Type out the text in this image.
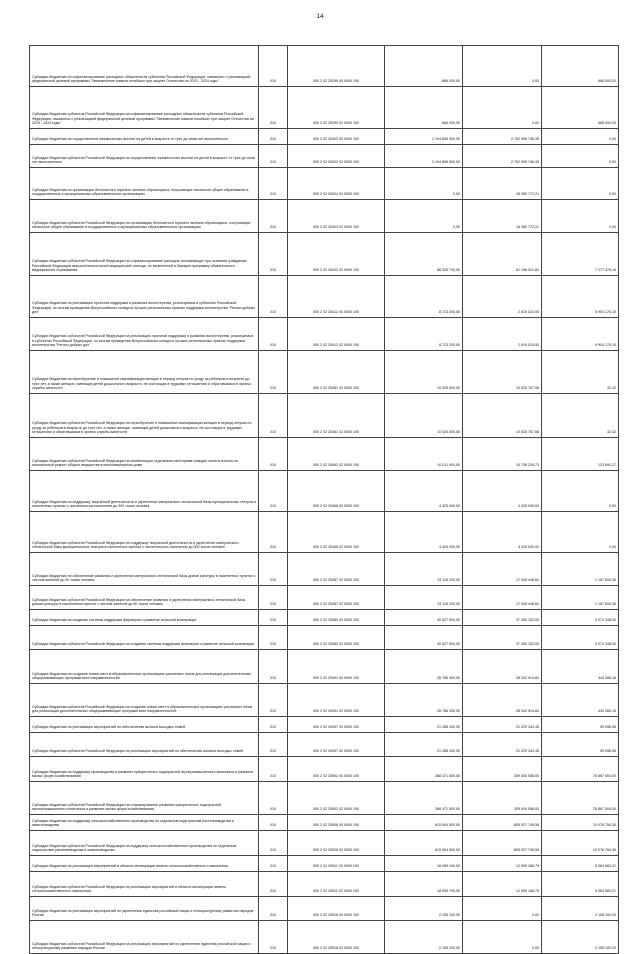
14
Субсидии бюджетам на софинансирование расходных обязательств субъектов Российской Федерации, связанных с реализацией федеральной целевой программы "Увековечение памяти погибших при защите Отечества на 2019 - 2024 годы"	010	000 2 02 25299 00 0000 150	666 000,00	0,00	666 000,00
Субсидии бюджетам субъектов Российской Федерации на софинансирование расходных обязательств субъектов Российской Федерации, связанных с реализацией федеральной целевой программы "Увековечение памяти погибших при защите Отечества на 2019 - 2024 годы"	010	000 2 02 25299 02 0000 150	666 000,00	0,00	666 000,00
Субсидии бюджетам на осуществление ежемесячных выплат на детей в возрасте от трех до семи лет включительно	010	000 2 02 25302 00 0000 150	2 194 656 500,00	2 762 998 746,35	0,00
Субсидии бюджетам субъектов Российской Федерации на осуществление ежемесячных выплат на детей в возрасте от трех до семи лет включительно	010	000 2 02 25302 02 0000 150	2 194 656 500,00	2 762 998 746,35	0,00
Субсидии бюджетам на организацию бесплатного горячего питания обучающихся, получающих начальное общее образование в государственных и муниципальных образовательных организациях	010	000 2 02 25304 00 0000 150	0,00	15 389 772,21	0,00
Субсидии бюджетам субъектов Российской Федерации на организацию бесплатного горячего питания обучающихся, получающих начальное общее образование в государственных и муниципальных образовательных организациях	010	000 2 02 25304 02 0000 150	0,00	15 389 772,21	0,00
Субсидии бюджетам субъектов Российской Федерации на софинансирование расходов, возникающих при оказании гражданам Российской Федерации высокотехнологичной медицинской помощи, не включенной в базовую программу обязательного медицинского страхования	010	000 2 02 25402 02 0000 150	88 335 700,00	81 158 021,84	7 177 478,16
Субсидии бюджетам на реализацию проектов поддержки и развития волонтерства, реализуемых в субъектах Российской Федерации, по итогам проведения Всероссийского конкурса лучших региональных практик поддержки волонтерства "Регион добрых дел"	010	000 2 02 25412 00 0000 150	8 723 200,00	2 819 024,90	5 904 175,10
Субсидии бюджетам субъектов Российской Федерации на реализацию проектов поддержки и развития волонтерства, реализуемых в субъектах Российской Федерации, по итогам проведения Всероссийского конкурса лучших региональных практик поддержки волонтерства "Регион добрых дел"	010	000 2 02 25412 02 0000 150	8 723 200,00	2 819 024,90	5 904 175,10
Субсидии бюджетам на переобучение и повышение квалификации женщин в период отпуска по уходу за ребенком в возрасте до трех лет, а также женщин, имеющих детей дошкольного возраста, не состоящих в трудовых отношениях и обратившихся в органы службы занятости	010	000 2 02 25461 00 0000 150	10 025 600,00	10 025 767,58	32,42
Субсидии бюджетам субъектов Российской Федерации на переобучение и повышение квалификации женщин в период отпуска по уходу за ребенком в возрасте до трех лет, а также женщин, имеющих детей дошкольного возраста, не состоящих в трудовых отношениях и обратившихся в органы службы занятости	010	000 2 02 25461 02 0000 150	10 025 600,00	10 025 767,58	32,42
Субсидии бюджетам субъектов Российской Федерации на компенсацию отдельным категориям граждан оплаты взноса на капитальный ремонт общего имущества в многоквартирном доме	010	000 2 02 25462 02 0000 150	10 011 900,00	10 738 209,73	123 690,27
Субсидии бюджетам на поддержку творческой деятельности и укрепление материально-технической базы муниципальных театров в населенных пунктах с численностью населения до 300 тысяч человек	010	000 2 02 25466 00 0000 150	4 425 000,00	4 425 000,00	0,00
Субсидии бюджетам субъектов Российской Федерации на поддержку творческой деятельности и укрепление материально-технической базы муниципальных театров в населенных пунктах с численностью населения до 300 тысяч человек	010	000 2 02 25466 02 0000 150	4 425 000,00	4 425 000,00	0,00
Субсидии бюджетам на обеспечение развития и укрепления материально-технической базы домов культуры в населенных пунктах с числом жителей до 50 тысяч человек	010	000 2 02 25467 00 0000 150	19 116 100,00	17 928 446,64	1 187 653,36
Субсидии бюджетам субъектов Российской Федерации на обеспечение развития и укрепления материально-технической базы домов культуры в населенных пунктах с числом жителей до 50 тысяч человек	010	000 2 02 25467 02 0000 150	19 116 100,00	17 928 446,64	1 187 653,36
Субсидии бюджетам на создание системы поддержки фермеров и развитие сельской кооперации	010	000 2 02 25480 00 0000 150	40 527 500,00	37 453 152,00	3 074 348,00
Субсидии бюджетам субъектов Российской Федерации на создание системы поддержки фермеров и развитие сельской кооперации	010	000 2 02 25480 02 0000 150	40 527 500,00	37 453 152,00	3 074 348,00
Субсидии бюджетам на создание новых мест в образовательных организациях различных типов для реализации дополнительных общеразвивающих программ всех направленностей	010	000 2 02 25491 00 0000 150	28 786 300,00	28 342 914,84	443 385,16
Субсидии бюджетам субъектов Российской Федерации на создание новых мест в образовательных организациях различных типов для реализации дополнительных общеразвивающих программ всех направленностей	010	000 2 02 25491 02 0000 150	28 786 300,00	28 342 914,84	443 385,16
Субсидии бюджетам на реализацию мероприятий по обеспечению жильем молодых семей	010	000 2 02 25497 00 0000 150	21 288 400,00	21 229 343,45	59 056,55
Субсидии бюджетам субъектов Российской Федерации на реализацию мероприятий по обеспечению жильем молодых семей	010	000 2 02 25497 02 0000 150	21 288 400,00	21 229 343,45	59 056,55
Субсидии бюджетам на поддержку производства и развитие приоритетных подотраслей агропромышленного комплекса и развитие малых форм хозяйствования	010	000 2 02 25502 00 0000 150	388 471 500,00	309 604 056,00	78 867 504,00
Субсидии бюджетам субъектов Российской Федерации на стимулирование развития приоритетных подотраслей агропромышленного комплекса и развитие малых форм хозяйствования	010	000 2 02 25502 02 0000 150	388 471 500,00	309 604 056,00	78 867 504,00
Субсидии бюджетам на поддержку сельскохозяйственного производства по отдельным подотраслям растениеводства и животноводства	010	000 2 02 25508 00 0000 150	815 904 500,00	805 927 745,56	10 076 754,30
Субсидии бюджетам субъектов Российской Федерации на поддержку сельскохозяйственного производства по отдельным подотраслям растениеводства и животноводства	010	000 2 02 25508 02 0000 150	815 904 500,00	805 927 745,56	10 076 754,30
Субсидии бюджетам на реализацию мероприятий в области мелиорации земель сельскохозяйственного назначения	010	000 2 02 25511 00 0000 150	18 069 100,00	12 995 186,79	5 064 583,21
Субсидии бюджетам субъектов Российской Федерации на реализацию мероприятий в области мелиорации земель сельскохозяйственного назначения	010	000 2 02 25511 02 0000 150	18 059 700,00	12 995 186,79	5 064 583,21
Субсидии бюджетам на реализацию мероприятий по укреплению единства российской нации и этнокультурному развитию народов России	010	000 2 02 25516 00 0000 150	2 155 100,00	0,00	2 155 100,00
Субсидии бюджетам субъектов Российской Федерации на реализацию мероприятий по укреплению единства российской нации и этнокультурному развитию народов России	010	000 2 02 25516 02 0000 150	2 155 100,00	0,00	2 155 100,00
